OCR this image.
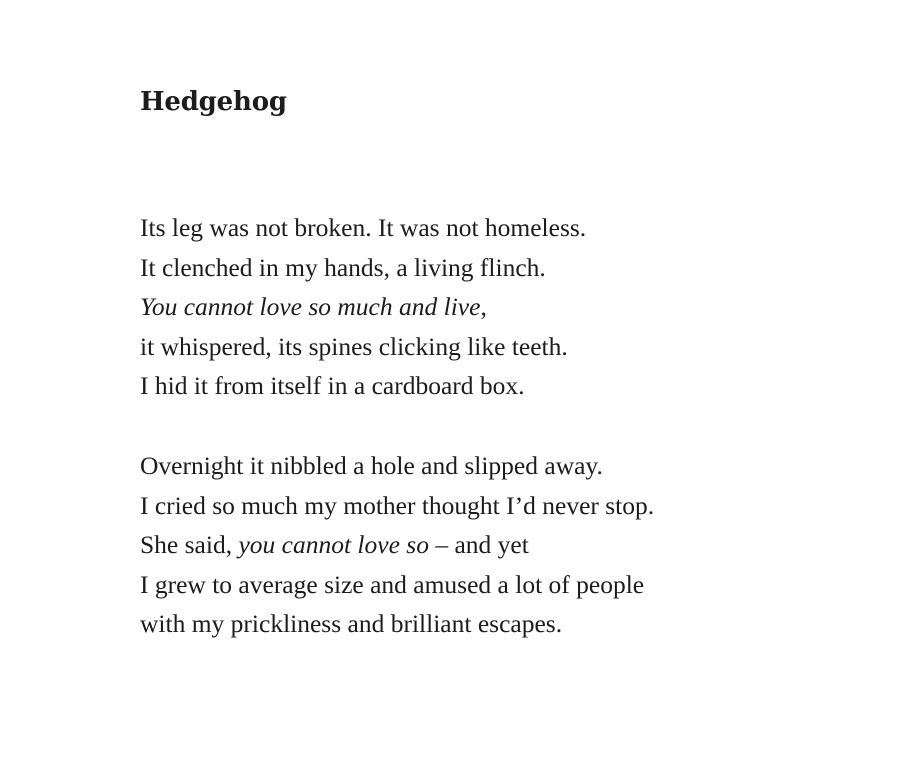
Hedgehog
Its leg was not broken. It was not homeless.
It clenched in my hands, a living flinch.
You cannot love so much and live,
it whispered, its spines clicking like teeth.
I hid it from itself in a cardboard box.
Overnight it nibbled a hole and slipped away.
I cried so much my mother thought I’d never stop.
She said, you cannot love so – and yet
I grew to average size and amused a lot of people
with my prickliness and brilliant escapes.
